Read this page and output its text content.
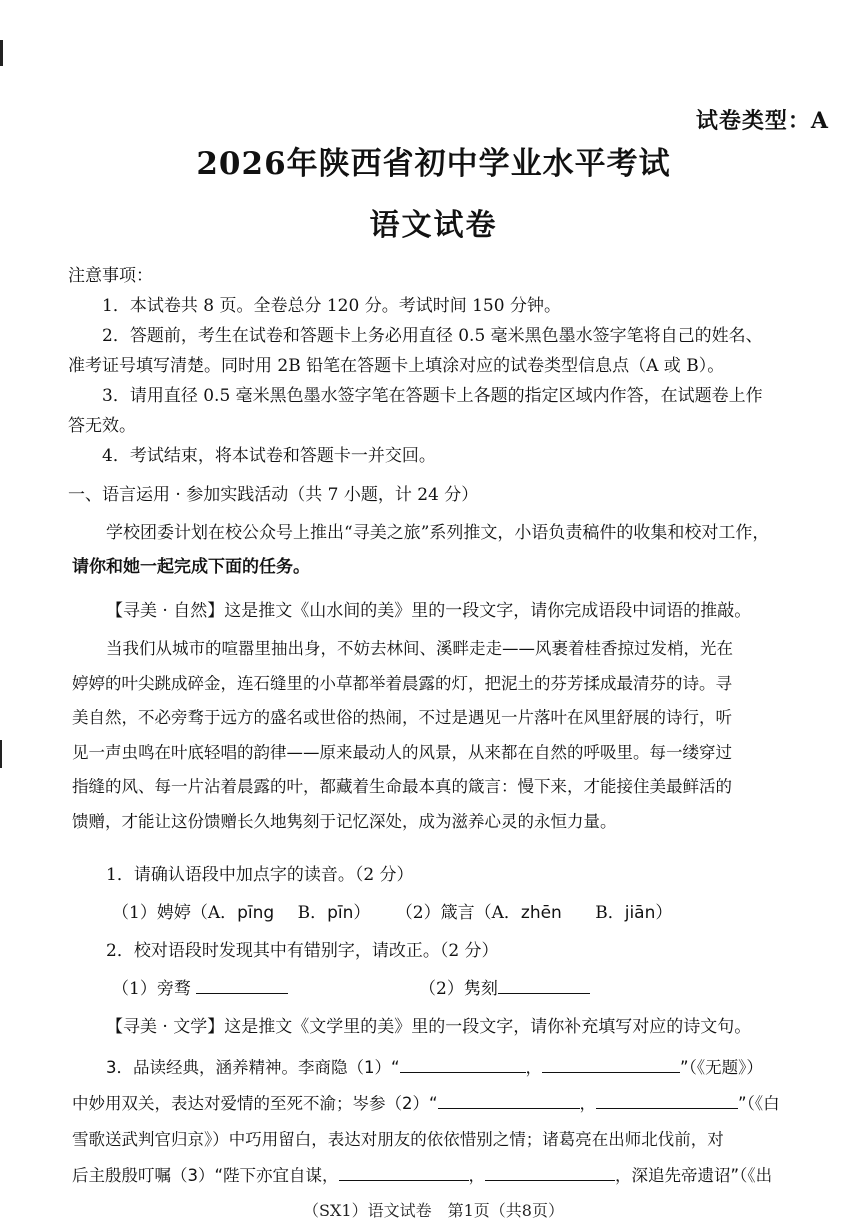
试卷类型：A
2026年陕西省初中学业水平考试
语文试卷
注意事项：
1．本试卷共 8 页。全卷总分 120 分。考试时间 150 分钟。
2．答题前，考生在试卷和答题卡上务必用直径 0.5 毫米黑色墨水签字笔将自己的姓名、
准考证号填写清楚。同时用 2B 铅笔在答题卡上填涂对应的试卷类型信息点（A 或 B）。
3．请用直径 0.5 毫米黑色墨水签字笔在答题卡上各题的指定区域内作答，在试题卷上作
答无效。
4．考试结束，将本试卷和答题卡一并交回。
一、语言运用 · 参加实践活动（共 7 小题，计 24 分）
学校团委计划在校公众号上推出“寻美之旅”系列推文，小语负责稿件的收集和校对工作，
请你和她一起完成下面的任务。
【寻美 · 自然】这是推文《山水间的美》里的一段文字，请你完成语段中词语的推敲。
当我们从城市的喧嚣里抽出身，不妨去林间、溪畔走走——风裹着桂香掠过发梢，光在
婷婷的叶尖跳成碎金，连石缝里的小草都举着晨露的灯，把泥土的芬芳揉成最清芬的诗。寻
美自然，不必旁骛于远方的盛名或世俗的热闹，不过是遇见一片落叶在风里舒展的诗行，听
见一声虫鸣在叶底轻唱的韵律——原来最动人的风景，从来都在自然的呼吸里。每一缕穿过
指缝的风、每一片沾着晨露的叶，都藏着生命最本真的箴言：慢下来，才能接住美最鲜活的
馈赠，才能让这份馈赠长久地隽刻于记忆深处，成为滋养心灵的永恒力量。
1．请确认语段中加点字的读音。（2 分）
（1）娉婷（A．pīng B．pīn） （2）箴言（A．zhēn B．jiān）
2．校对语段时发现其中有错别字，请改正。（2 分）
（1）旁骛	（2）隽刻
【寻美 · 文学】这是推文《文学里的美》里的一段文字，请你补充填写对应的诗文句。
3．品读经典，涵养精神。李商隐（1）“	，	”（《无题》）
中妙用双关，表达对爱情的至死不渝；岑参（2）“	，	”（《白
雪歌送武判官归京》）中巧用留白，表达对朋友的依依惜别之情；诸葛亮在出师北伐前，对
后主殷殷叮嘱（3）“陛下亦宜自谋，	，	，深追先帝遗诏”（《出
（SX1）语文试卷　第1页（共8页）
